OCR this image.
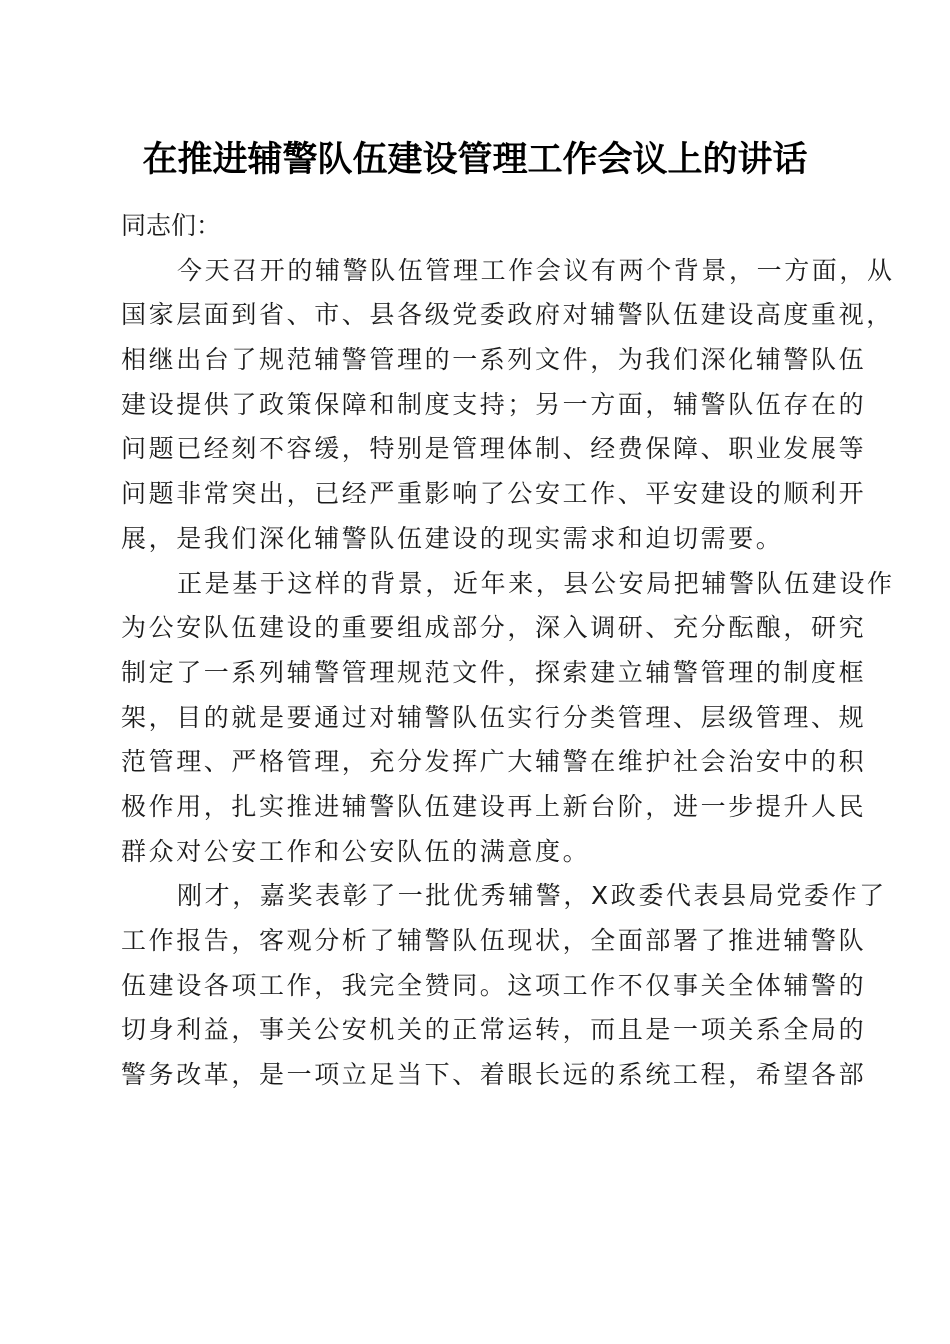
在推进辅警队伍建设管理工作会议上的讲话

同志们：

今天召开的辅警队伍管理工作会议有两个背景，一方面，从
国家层面到省、市、县各级党委政府对辅警队伍建设高度重视，
相继出台了规范辅警管理的一系列文件，为我们深化辅警队伍
建设提供了政策保障和制度支持；另一方面，辅警队伍存在的
问题已经刻不容缓，特别是管理体制、经费保障、职业发展等
问题非常突出，已经严重影响了公安工作、平安建设的顺利开
展，是我们深化辅警队伍建设的现实需求和迫切需要。
正是基于这样的背景，近年来，县公安局把辅警队伍建设作
为公安队伍建设的重要组成部分，深入调研、充分酝酿，研究
制定了一系列辅警管理规范文件，探索建立辅警管理的制度框
架，目的就是要通过对辅警队伍实行分类管理、层级管理、规
范管理、严格管理，充分发挥广大辅警在维护社会治安中的积
极作用，扎实推进辅警队伍建设再上新台阶，进一步提升人民
群众对公安工作和公安队伍的满意度。
刚才，嘉奖表彰了一批优秀辅警，X政委代表县局党委作了
工作报告，客观分析了辅警队伍现状，全面部署了推进辅警队
伍建设各项工作，我完全赞同。这项工作不仅事关全体辅警的
切身利益，事关公安机关的正常运转，而且是一项关系全局的
警务改革，是一项立足当下、着眼长远的系统工程，希望各部
